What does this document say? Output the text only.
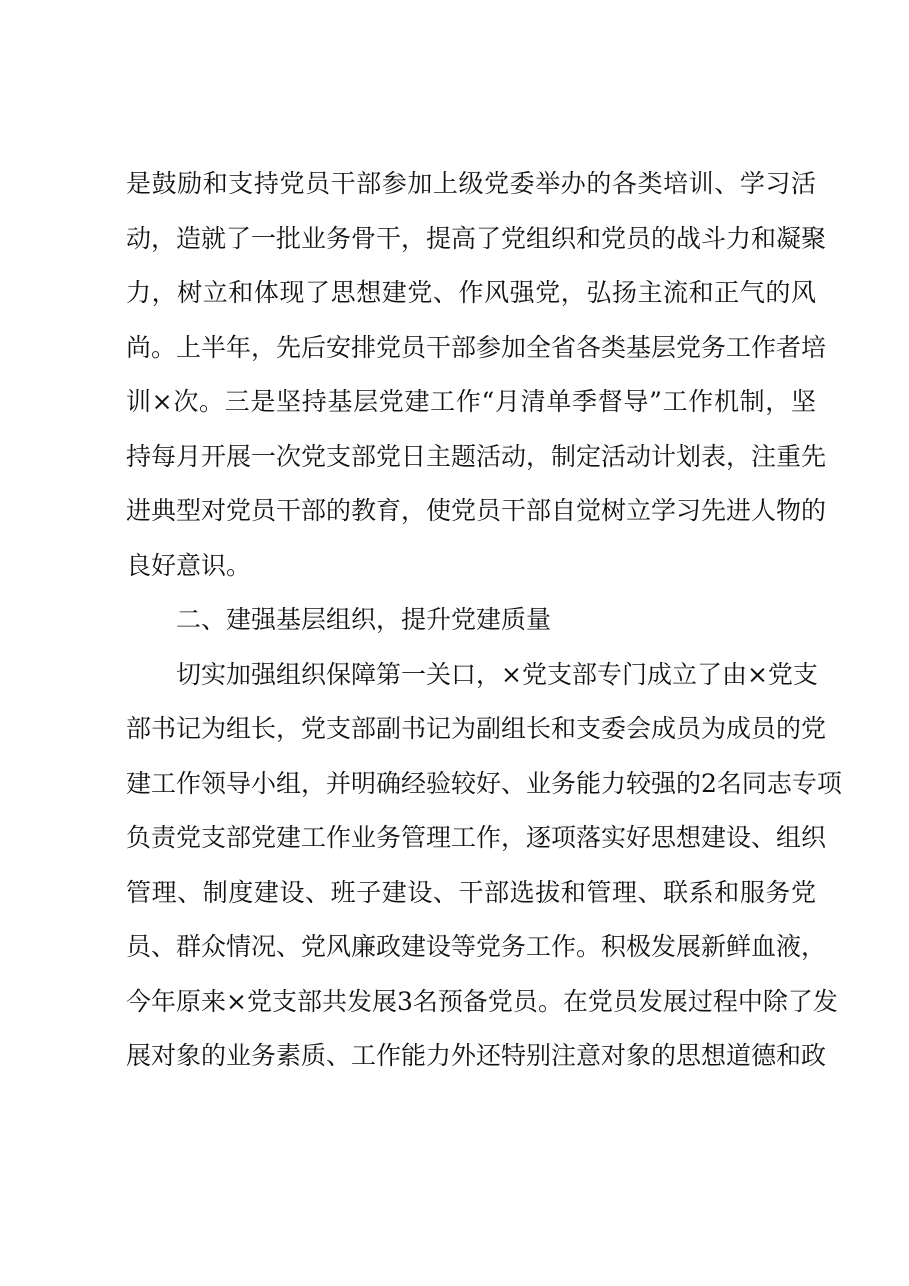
是鼓励和支持党员干部参加上级党委举办的各类培训、学习活
动，造就了一批业务骨干，提高了党组织和党员的战斗力和凝聚
力，树立和体现了思想建党、作风强党，弘扬主流和正气的风
尚。上半年，先后安排党员干部参加全省各类基层党务工作者培
训×次。三是坚持基层党建工作“月清单季督导”工作机制，坚
持每月开展一次党支部党日主题活动，制定活动计划表，注重先
进典型对党员干部的教育，使党员干部自觉树立学习先进人物的
良好意识。
二、建强基层组织，提升党建质量
切实加强组织保障第一关口，×党支部专门成立了由×党支
部书记为组长，党支部副书记为副组长和支委会成员为成员的党
建工作领导小组，并明确经验较好、业务能力较强的2名同志专项
负责党支部党建工作业务管理工作，逐项落实好思想建设、组织
管理、制度建设、班子建设、干部选拔和管理、联系和服务党
员、群众情况、党风廉政建设等党务工作。积极发展新鲜血液，
今年原来×党支部共发展3名预备党员。在党员发展过程中除了发
展对象的业务素质、工作能力外还特别注意对象的思想道德和政
